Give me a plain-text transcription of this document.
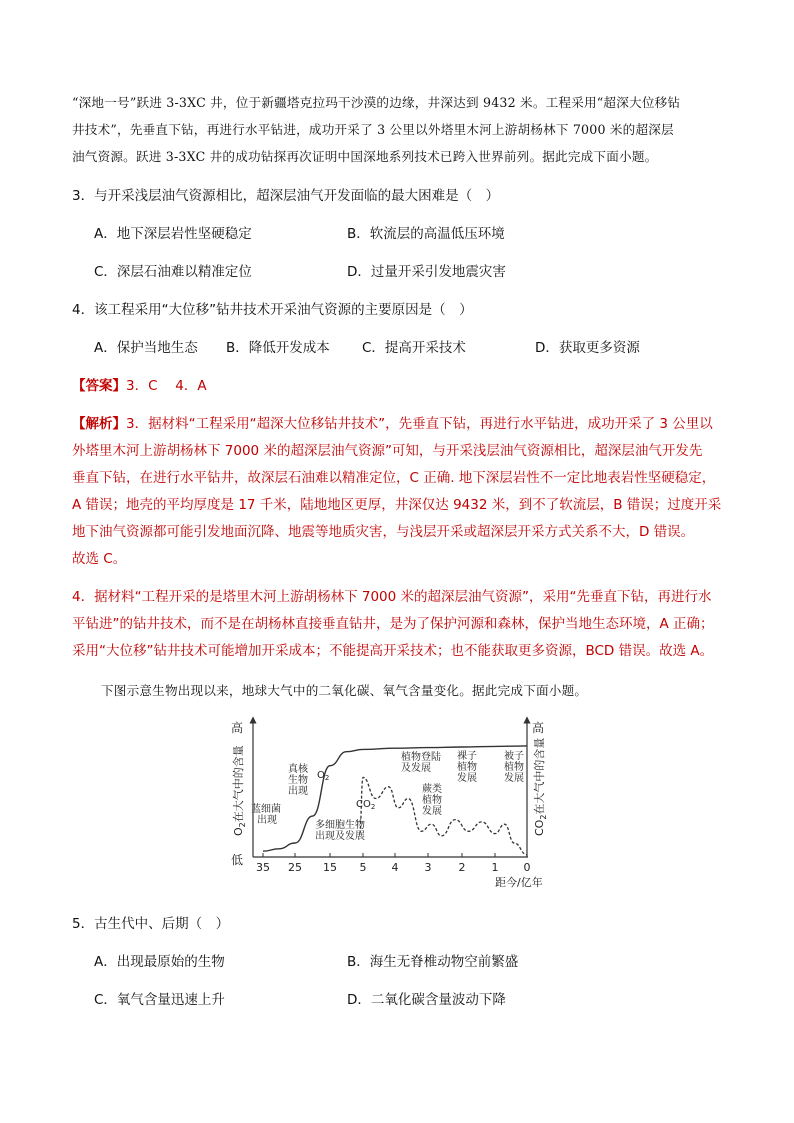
“深地一号”跃进 3-3XC 井，位于新疆塔克拉玛干沙漠的边缘，井深达到 9432 米。工程采用“超深大位移钻
井技术”，先垂直下钻，再进行水平钻进，成功开采了 3 公里以外塔里木河上游胡杨林下 7000 米的超深层
油气资源。跃进 3-3XC 井的成功钻探再次证明中国深地系列技术已跨入世界前列。据此完成下面小题。
3．与开采浅层油气资源相比，超深层油气开发面临的最大困难是（　）
A．地下深层岩性坚硬稳定	B．软流层的高温低压环境
C．深层石油难以精准定位	D．过量开采引发地震灾害
4．该工程采用“大位移”钻井技术开采油气资源的主要原因是（　）
A．保护当地生态 B．降低开发成本 C．提高开采技术	D．获取更多资源
【答案】3．C　 4．A
【解析】3．据材料“工程采用“超深大位移钻井技术”，先垂直下钻，再进行水平钻进，成功开采了 3 公里以
外塔里木河上游胡杨林下 7000 米的超深层油气资源”可知，与开采浅层油气资源相比，超深层油气开发先
垂直下钻，在进行水平钻井，故深层石油难以精准定位，C 正确. 地下深层岩性不一定比地表岩性坚硬稳定，
A 错误；地壳的平均厚度是 17 千米，陆地地区更厚，井深仅达 9432 米，到不了软流层，B 错误；过度开采
地下油气资源都可能引发地面沉降、地震等地质灾害，与浅层开采或超深层开采方式关系不大，D 错误。
故选 C。
4．据材料“工程开采的是塔里木河上游胡杨林下 7000 米的超深层油气资源”，采用“先垂直下钻，再进行水
平钻进”的钻井技术，而不是在胡杨林直接垂直钻井，是为了保护河源和森林，保护当地生态环境，A 正确；
采用“大位移”钻井技术可能增加开采成本；不能提高开采技术；也不能获取更多资源，BCD 错误。故选 A。
下图示意生物出现以来，地球大气中的二氧化碳、氧气含量变化。据此完成下面小题。
高
低
高
$O_2$在大气中的含量
$CO_2$在大气中的含量
35 25 15 5 4 3 2 1 0
$O_2$
$CO_2$
蓝细菌出现
真核生物出现
多细胞生物出现及发展
植物登陆及发展
蕨类植物发展
裸子植物发展
被子植物发展
距今/亿年
5．古生代中、后期（　）
A．出现最原始的生物	B．海生无脊椎动物空前繁盛
C．氧气含量迅速上升	D．二氧化碳含量波动下降
